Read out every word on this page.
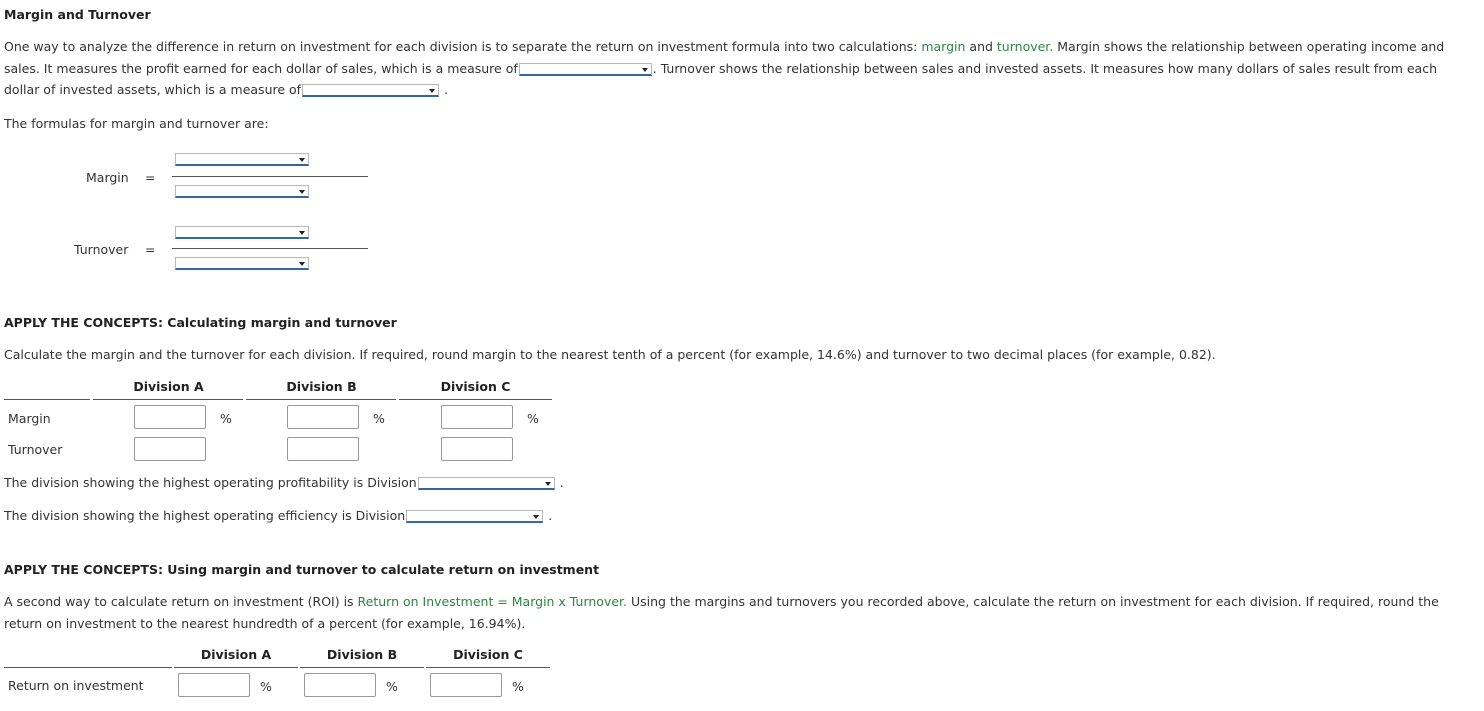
Margin and Turnover

One way to analyze the difference in return on investment for each division is to separate the return on investment formula into two calculations: margin and turnover. Margin shows the relationship between operating income and sales. It measures the profit earned for each dollar of sales, which is a measure of	. Turnover shows the relationship between sales and invested assets. It measures how many dollars of sales result from each dollar of invested assets, which is a measure of	.

The formulas for margin and turnover are:
Margin =
Turnover =
APPLY THE CONCEPTS: Calculating margin and turnover
Calculate the margin and the turnover for each division. If required, round margin to the nearest tenth of a percent (for example, 14.6%) and turnover to two decimal places (for example, 0.82).
Division A	Division B	Division C
Margin	%	%	%
Turnover
The division showing the highest operating profitability is Division	.
The division showing the highest operating efficiency is Division	.
APPLY THE CONCEPTS: Using margin and turnover to calculate return on investment

A second way to calculate return on investment (ROI) is Return on Investment = Margin x Turnover. Using the margins and turnovers you recorded above, calculate the return on investment for each division. If required, round the return on investment to the nearest hundredth of a percent (for example, 16.94%).

Division A	Division B	Division C
Return on investment	%	%	%
